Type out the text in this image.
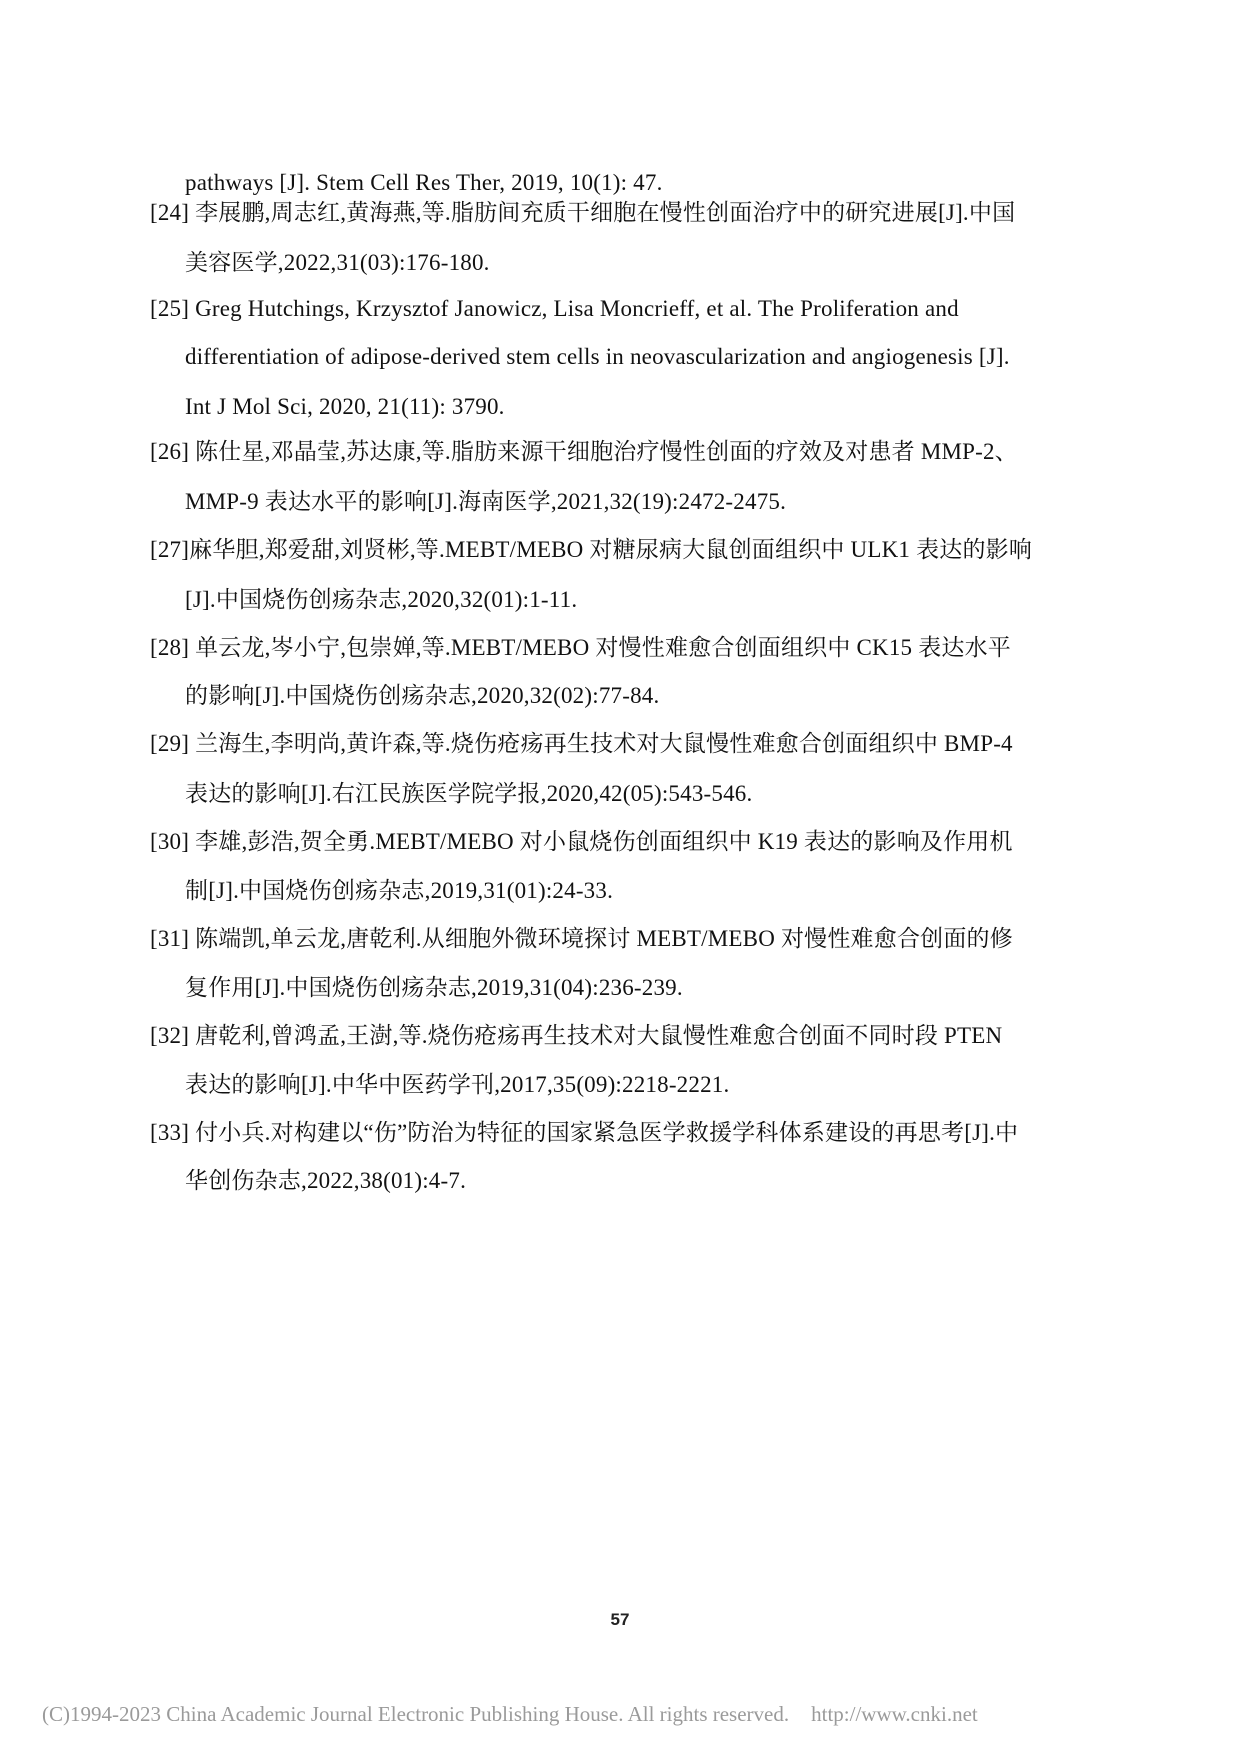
pathways [J]. Stem Cell Res Ther, 2019, 10(1): 47.
[24] 李展鹏,周志红,黄海燕,等.脂肪间充质干细胞在慢性创面治疗中的研究进展[J].中国
美容医学,2022,31(03):176-180.
[25] Greg Hutchings, Krzysztof Janowicz, Lisa Moncrieff, et al. The Proliferation and
differentiation of adipose-derived stem cells in neovascularization and angiogenesis [J].
Int J Mol Sci, 2020, 21(11): 3790.
[26] 陈仕星,邓晶莹,苏达康,等.脂肪来源干细胞治疗慢性创面的疗效及对患者 MMP-2、
MMP-9 表达水平的影响[J].海南医学,2021,32(19):2472-2475.
[27]麻华胆,郑爱甜,刘贤彬,等.MEBT/MEBO 对糖尿病大鼠创面组织中 ULK1 表达的影响
[J].中国烧伤创疡杂志,2020,32(01):1-11.
[28] 单云龙,岑小宁,包崇婵,等.MEBT/MEBO 对慢性难愈合创面组织中 CK15 表达水平
的影响[J].中国烧伤创疡杂志,2020,32(02):77-84.
[29] 兰海生,李明尚,黄许森,等.烧伤疮疡再生技术对大鼠慢性难愈合创面组织中 BMP-4
表达的影响[J].右江民族医学院学报,2020,42(05):543-546.
[30] 李雄,彭浩,贺全勇.MEBT/MEBO 对小鼠烧伤创面组织中 K19 表达的影响及作用机
制[J].中国烧伤创疡杂志,2019,31(01):24-33.
[31] 陈端凯,单云龙,唐乾利.从细胞外微环境探讨 MEBT/MEBO 对慢性难愈合创面的修
复作用[J].中国烧伤创疡杂志,2019,31(04):236-239.
[32] 唐乾利,曾鸿孟,王澍,等.烧伤疮疡再生技术对大鼠慢性难愈合创面不同时段 PTEN
表达的影响[J].中华中医药学刊,2017,35(09):2218-2221.
[33] 付小兵.对构建以“伤”防治为特征的国家紧急医学救援学科体系建设的再思考[J].中
华创伤杂志,2022,38(01):4-7.
57
(C)1994-2023 China Academic Journal Electronic Publishing House. All rights reserved. http://www.cnki.net
